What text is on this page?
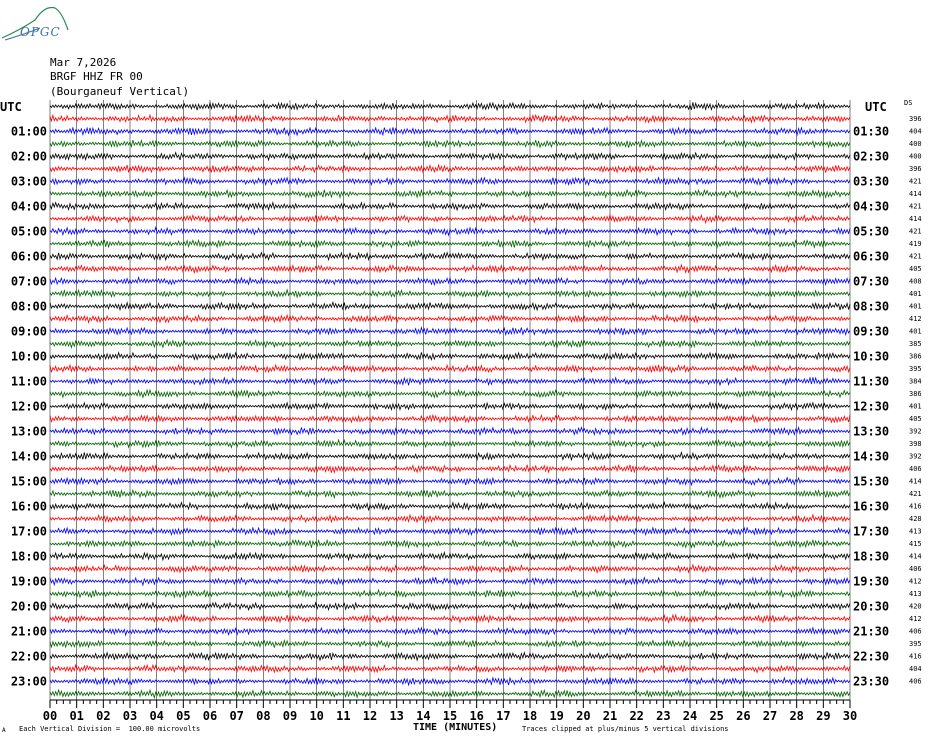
OPGC
Mar 7,2026
BRGF HHZ FR 00
(Bourganeuf Vertical)
UTC	UTC DS
01:00
02:00
03:00
04:00
05:00
06:00
07:00
08:00
09:00
10:00
11:00
12:00
13:00
14:00
15:00
16:00
17:00
18:00
19:00
20:00
21:00
22:00
23:00
01:30
02:30
03:30
04:30
05:30
06:30
07:30
08:30
09:30
10:30
11:30
12:30
13:30
14:30
15:30
16:30
17:30
18:30
19:30
20:30
21:30
22:30
23:30
396
404
400
400
396
421
414
421
414
421
419
421
405
408
401
401
412
401
385
386
395
384
386
401
405
392
398
392
406
414
421
416
428
413
415
414
406
412
413
420
412
406
395
416
404
406
00 01 02 03 04 05 06 07 08 09 10 11 12 13 14 15 16 17 18 19 20 21 22 23 24 25 26 27 28 29 30
A Each Vertical Division =  100.00 microvolts	TIME (MINUTES)	Traces clipped at plus/minus 5 vertical divisions
